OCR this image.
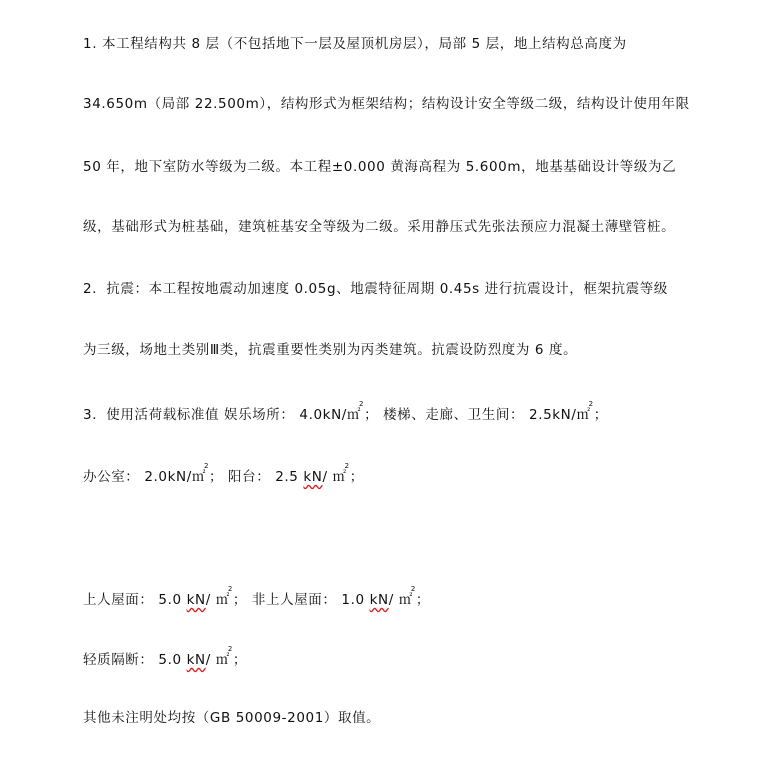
1. 本工程结构共 8 层（不包括地下一层及屋顶机房层），局部 5 层，地上结构总高度为

34.650m（局部 22.500m），结构形式为框架结构；结构设计安全等级二级，结构设计使用年限

50 年，地下室防水等级为二级。本工程±0.000 黄海高程为 5.600m，地基基础设计等级为乙

级，基础形式为桩基础，建筑桩基安全等级为二级。采用静压式先张法预应力混凝土薄壁管桩。

2．抗震：本工程按地震动加速度 0.05g、地震特征周期 0.45s 进行抗震设计，框架抗震等级

为三级，场地土类别Ⅲ类，抗震重要性类别为丙类建筑。抗震设防烈度为 6 度。

3．使用活荷载标准值 娱乐场所： 4.0kN/㎡$^2$； 楼梯、走廊、卫生间： 2.5kN/㎡$^2$；

办公室： 2.0kN/㎡$^2$； 阳台： 2.5 kN/ ㎡$^2$；

上人屋面： 5.0 kN/ ㎡$^2$； 非上人屋面： 1.0 kN/ ㎡$^2$；

轻质隔断： 5.0 kN/ ㎡$^2$；

其他未注明处均按（GB 50009-2001）取值。
